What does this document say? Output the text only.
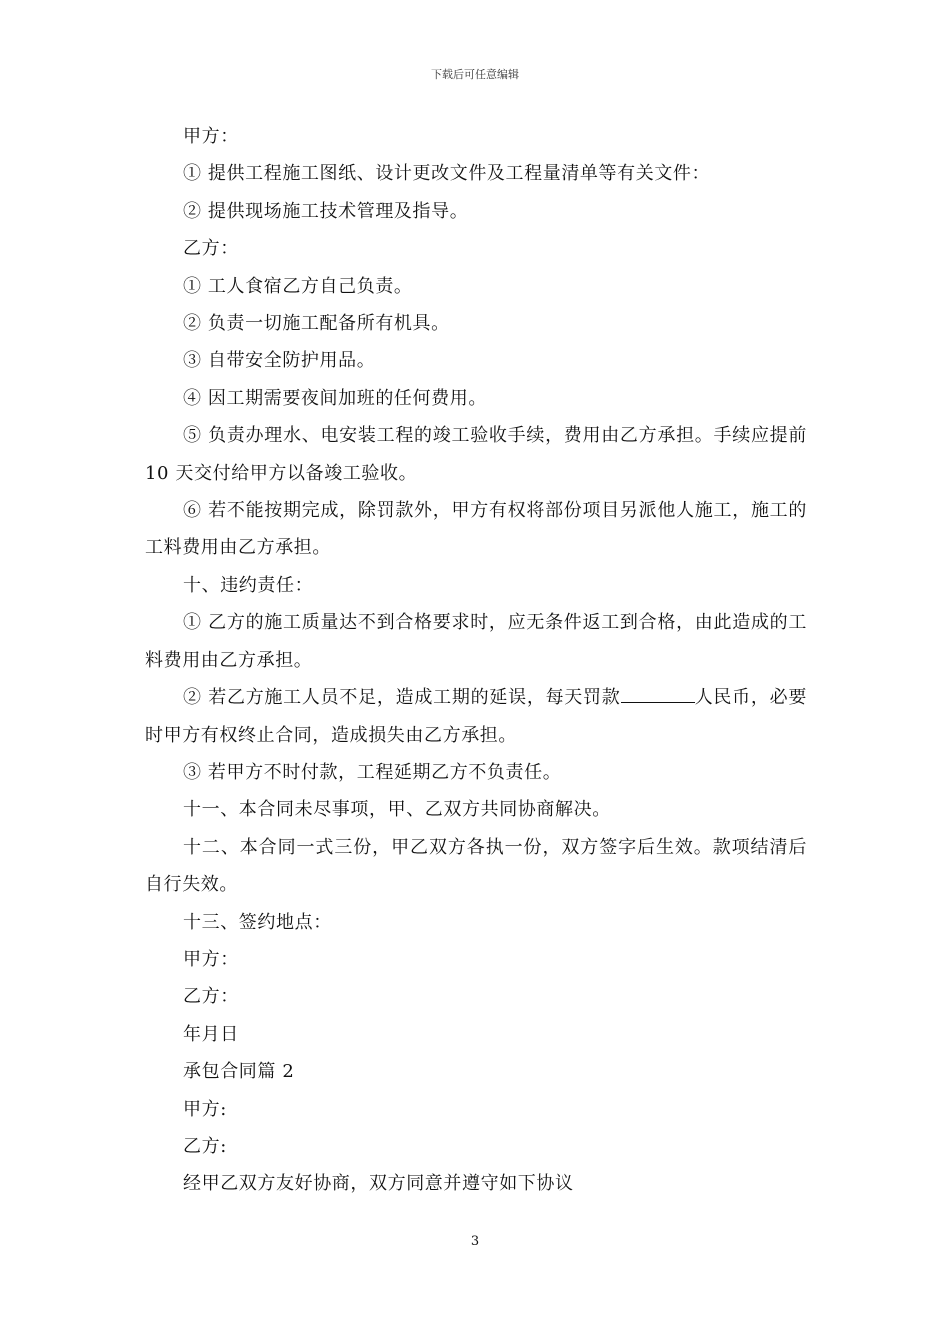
下载后可任意编辑

甲方：

① 提供工程施工图纸、设计更改文件及工程量清单等有关文件：

② 提供现场施工技术管理及指导。

乙方：

① 工人食宿乙方自己负责。

② 负责一切施工配备所有机具。

③ 自带安全防护用品。

④ 因工期需要夜间加班的任何费用。

⑤ 负责办理水、电安装工程的竣工验收手续，费用由乙方承担。手续应提前 10 天交付给甲方以备竣工验收。

⑥ 若不能按期完成，除罚款外，甲方有权将部份项目另派他人施工，施工的工料费用由乙方承担。

十、违约责任：

① 乙方的施工质量达不到合格要求时，应无条件返工到合格，由此造成的工料费用由乙方承担。

② 若乙方施工人员不足，造成工期的延误，每天罚款	人民币，必要时甲方有权终止合同，造成损失由乙方承担。

③ 若甲方不时付款，工程延期乙方不负责任。

十一、本合同未尽事项，甲、乙双方共同协商解决。

十二、本合同一式三份，甲乙双方各执一份，双方签字后生效。款项结清后自行失效。

十三、签约地点：

甲方：

乙方：

年月日

承包合同篇 2

甲方:

乙方:

经甲乙双方友好协商，双方同意并遵守如下协议

3
